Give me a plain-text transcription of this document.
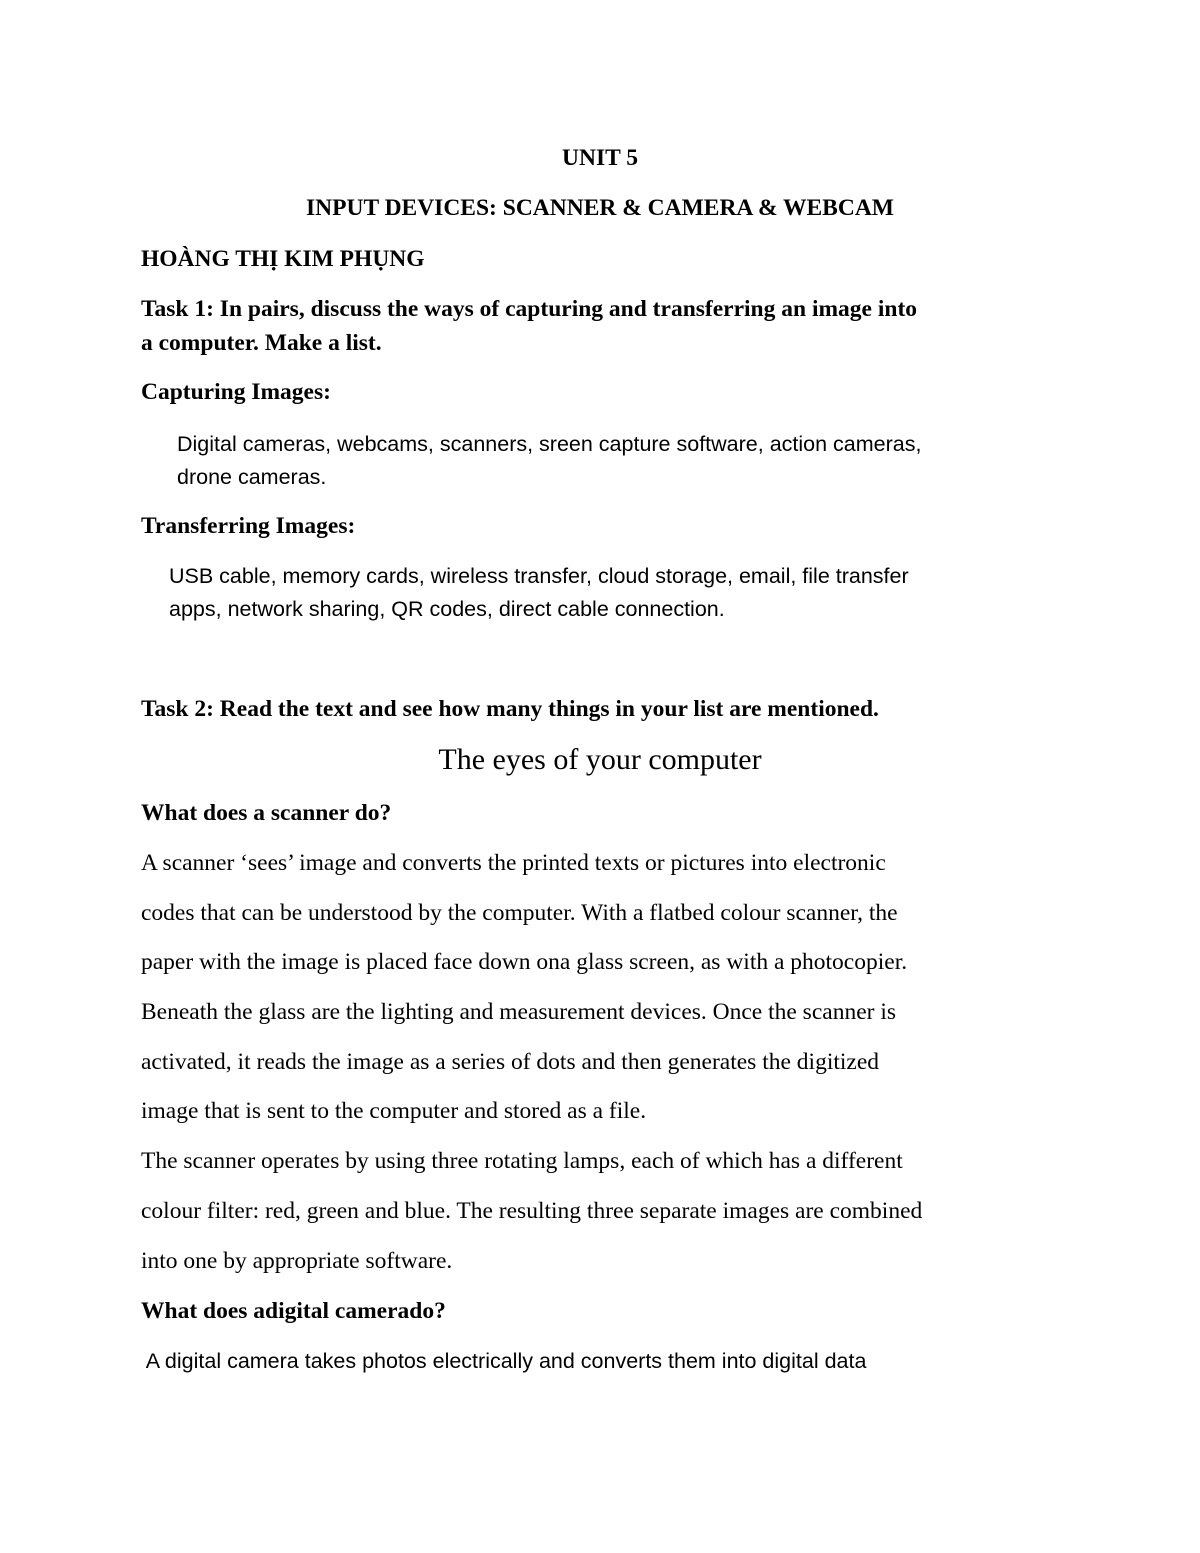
UNIT 5

INPUT DEVICES: SCANNER & CAMERA & WEBCAM

HOÀNG THỊ KIM PHỤNG

Task 1: In pairs, discuss the ways of capturing and transferring an image into

a computer. Make a list.

Capturing Images:

Digital cameras, webcams, scanners, sreen capture software, action cameras,

drone cameras.

Transferring Images:

USB cable, memory cards, wireless transfer, cloud storage, email, file transfer

apps, network sharing, QR codes, direct cable connection.

Task 2: Read the text and see how many things in your list are mentioned.

The eyes of your computer

What does a scanner do?

A scanner ‘sees’ image and converts the printed texts or pictures into electronic

codes that can be understood by the computer. With a flatbed colour scanner, the

paper with the image is placed face down ona glass screen, as with a photocopier.

Beneath the glass are the lighting and measurement devices. Once the scanner is

activated, it reads the image as a series of dots and then generates the digitized

image that is sent to the computer and stored as a file.

The scanner operates by using three rotating lamps, each of which has a different

colour filter: red, green and blue. The resulting three separate images are combined

into one by appropriate software.

What does adigital camerado?

A digital camera takes photos electrically and converts them into digital data
